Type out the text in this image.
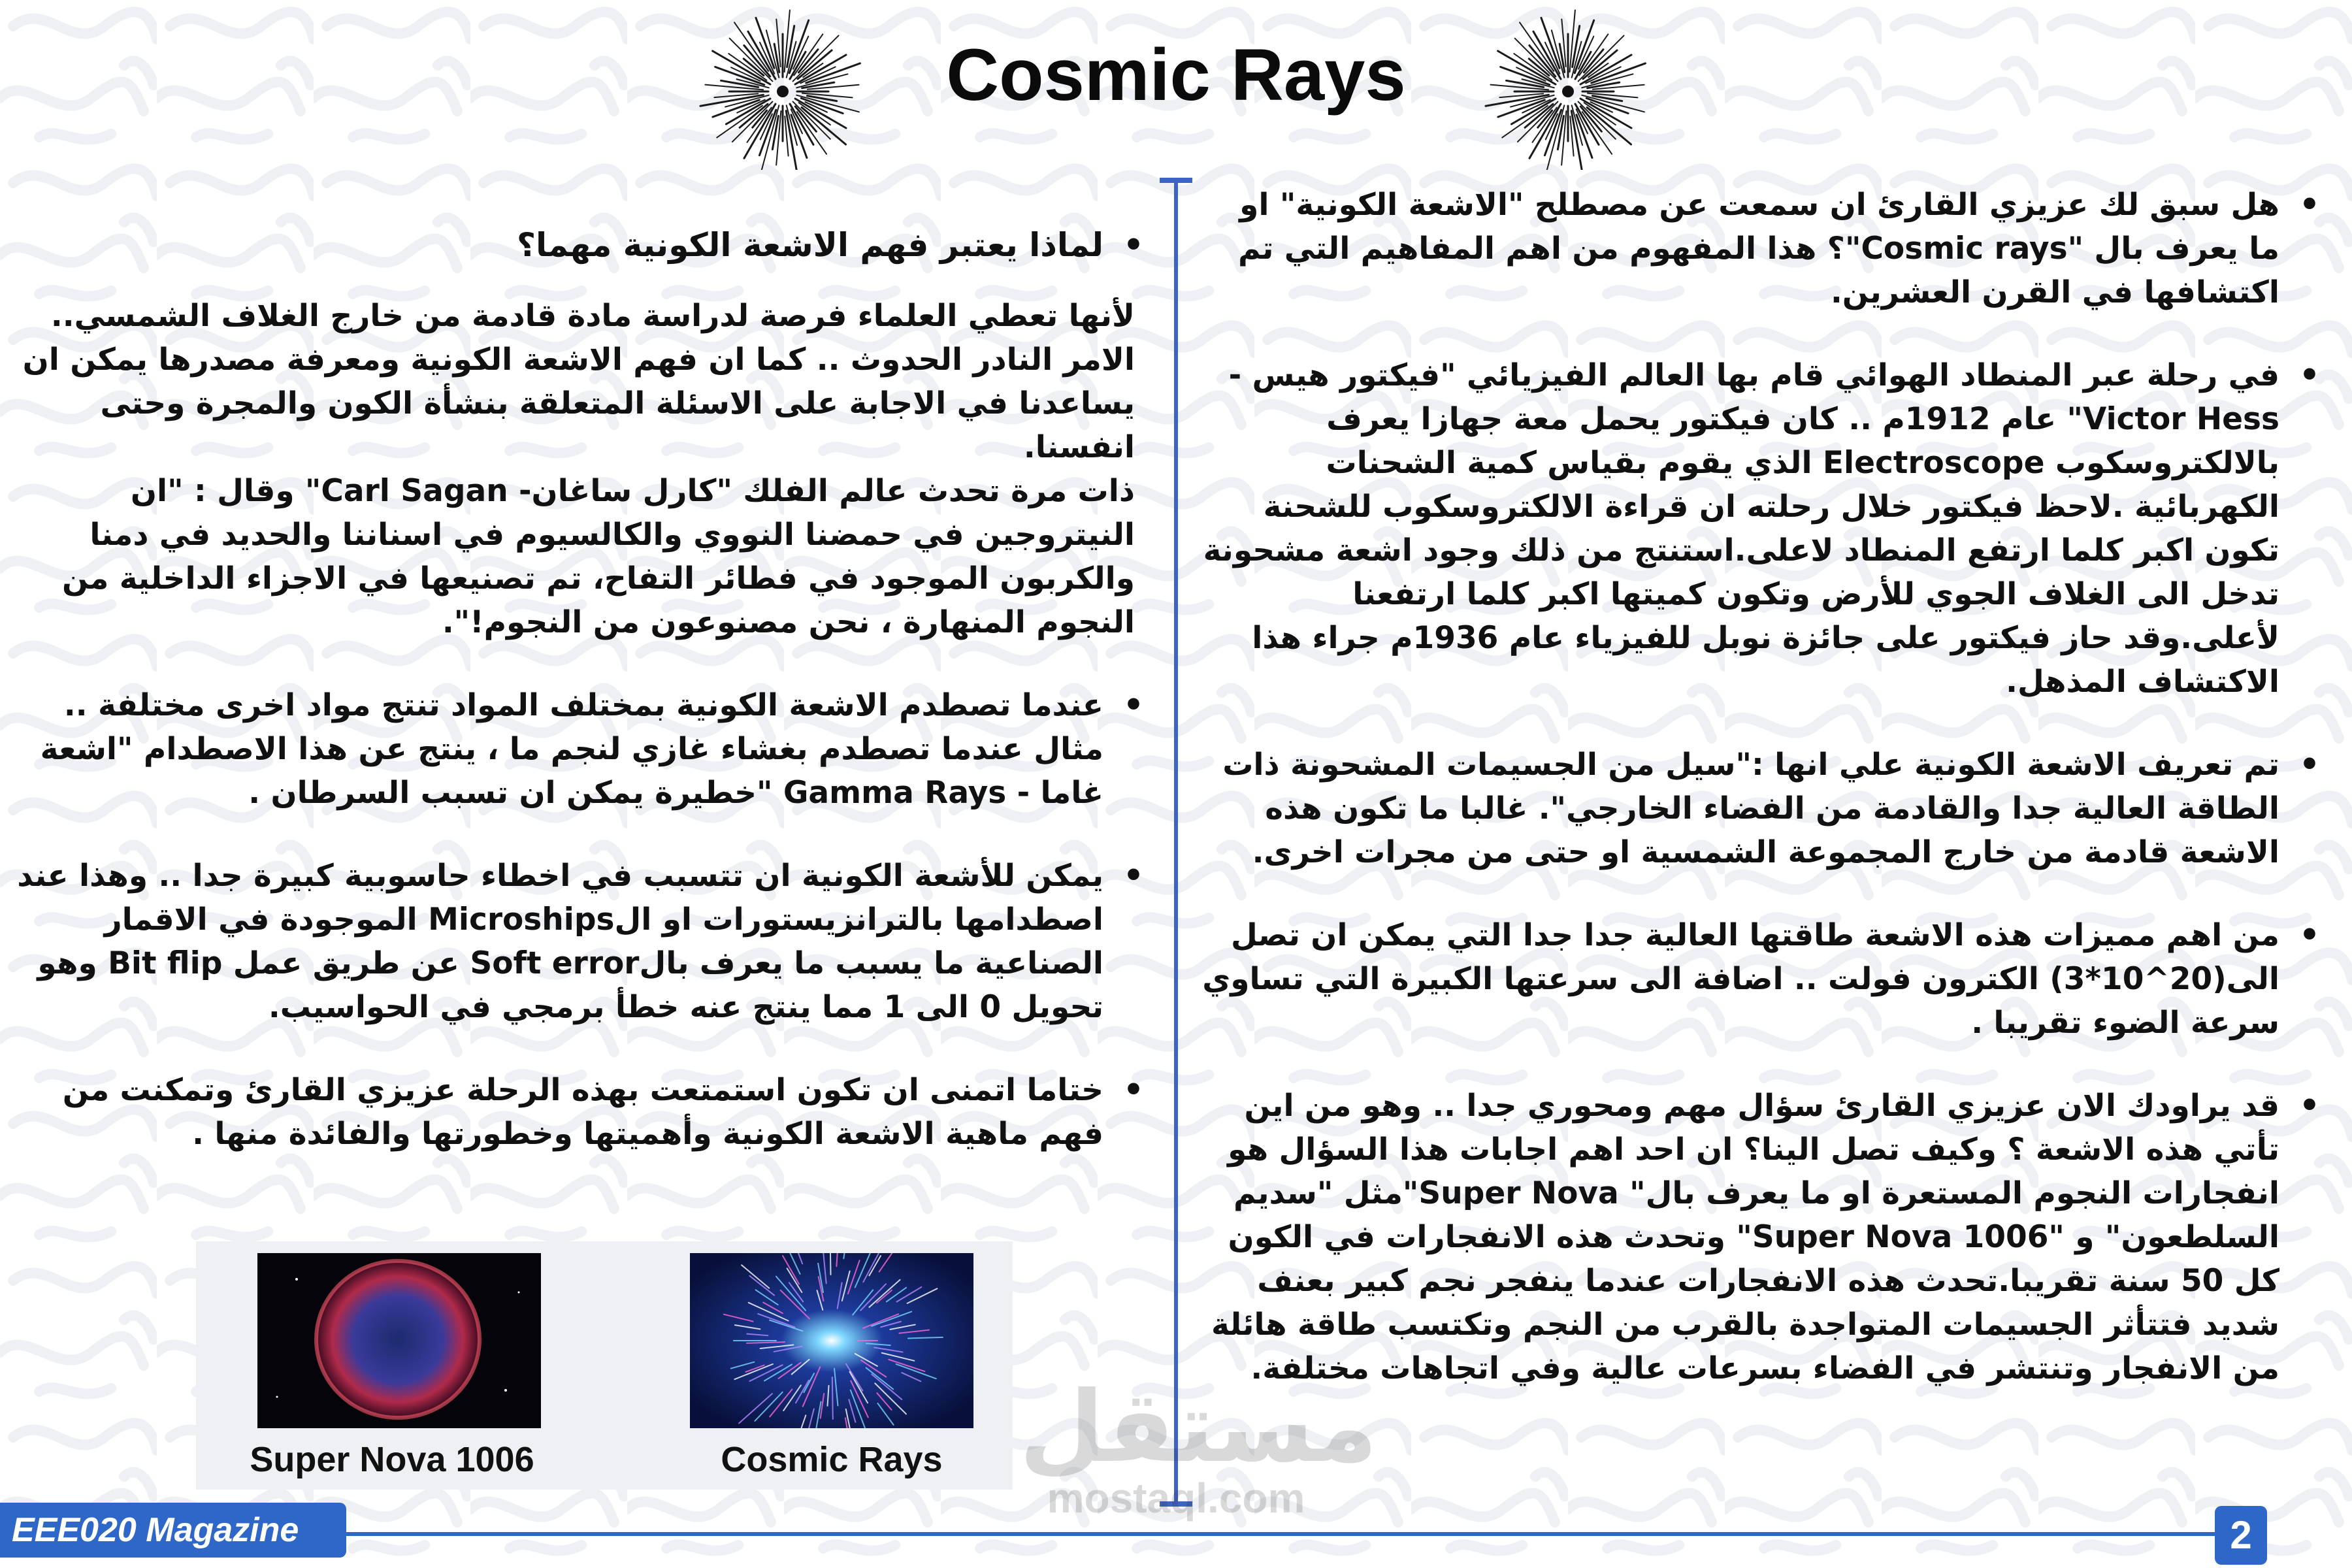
Cosmic Rays

• هل سبق لك عزيزي القارئ ان سمعت عن مصطلح "الاشعة الكونية" او ما يعرف بال "Cosmic rays"؟ هذا المفهوم من اهم المفاهيم التي تم اكتشافها في القرن العشرين.

• في رحلة عبر المنطاد الهوائي قام بها العالم الفيزيائي "فيكتور هيس - Victor Hess" عام 1912م .. كان فيكتور يحمل معة جهازا يعرف بالالكتروسكوب Electroscope الذي يقوم بقياس كمية الشحنات الكهربائية .لاحظ فيكتور خلال رحلته ان قراءة الالكتروسكوب للشحنة تكون اكبر كلما ارتفع المنطاد لاعلى.استنتج من ذلك وجود اشعة مشحونة تدخل الى الغلاف الجوي للأرض وتكون كميتها اكبر كلما ارتفعنا لأعلى.وقد حاز فيكتور على جائزة نوبل للفيزياء عام 1936م جراء هذا الاكتشاف المذهل.

• تم تعريف الاشعة الكونية علي انها :"سيل من الجسيمات المشحونة ذات الطاقة العالية جدا والقادمة من الفضاء الخارجي". غالبا ما تكون هذه الاشعة قادمة من خارج المجموعة الشمسية او حتى من مجرات اخرى.

• من اهم مميزات هذه الاشعة طاقتها العالية جدا جدا التي يمكن ان تصل الى(20^10*3) الكترون فولت .. اضافة الى سرعتها الكبيرة التي تساوي سرعة الضوء تقريبا .

• قد يراودك الان عزيزي القارئ سؤال مهم ومحوري جدا .. وهو من اين تأتي هذه الاشعة ؟ وكيف تصل الينا؟ ان احد اهم اجابات هذا السؤال هو انفجارات النجوم المستعرة او ما يعرف بال" Super Nova"مثل "سديم السلطعون" و "Super Nova 1006" وتحدث هذه الانفجارات في الكون كل 50 سنة تقريبا.تحدث هذه الانفجارات عندما ينفجر نجم كبير بعنف شديد فتتأثر الجسيمات المتواجدة بالقرب من النجم وتكتسب طاقة هائلة من الانفجار وتنتشر في الفضاء بسرعات عالية وفي اتجاهات مختلفة.

• لماذا يعتبر فهم الاشعة الكونية مهما؟

لأنها تعطي العلماء فرصة لدراسة مادة قادمة من خارج الغلاف الشمسي.. الامر النادر الحدوث .. كما ان فهم الاشعة الكونية ومعرفة مصدرها يمكن ان يساعدنا في الاجابة على الاسئلة المتعلقة بنشأة الكون والمجرة وحتى انفسنا.

ذات مرة تحدث عالم الفلك "كارل ساغان- Carl Sagan" وقال : "ان النيتروجين في حمضنا النووي والكالسيوم في اسناننا والحديد في دمنا والكربون الموجود في فطائر التفاح، تم تصنيعها في الاجزاء الداخلية من النجوم المنهارة ، نحن مصنوعون من النجوم!".

• عندما تصطدم الاشعة الكونية بمختلف المواد تنتج مواد اخرى مختلفة .. مثال عندما تصطدم بغشاء غازي لنجم ما ، ينتج عن هذا الاصطدام "اشعة غاما - Gamma Rays "خطيرة يمكن ان تسبب السرطان .

• يمكن للأشعة الكونية ان تتسبب في اخطاء حاسوبية كبيرة جدا .. وهذا عند اصطدامها بالترانزيستورات او الMicroships الموجودة في الاقمار الصناعية ما يسبب ما يعرف بالSoft error عن طريق عمل Bit flip وهو تحويل 0 الى 1 مما ينتج عنه خطأ برمجي في الحواسيب.

• ختاما اتمنى ان تكون استمتعت بهذه الرحلة عزيزي القارئ وتمكنت من فهم ماهية الاشعة الكونية وأهميتها وخطورتها والفائدة منها .

Super Nova 1006	Cosmic Rays مستقل
mostaql.com
EEE020 Magazine	2
